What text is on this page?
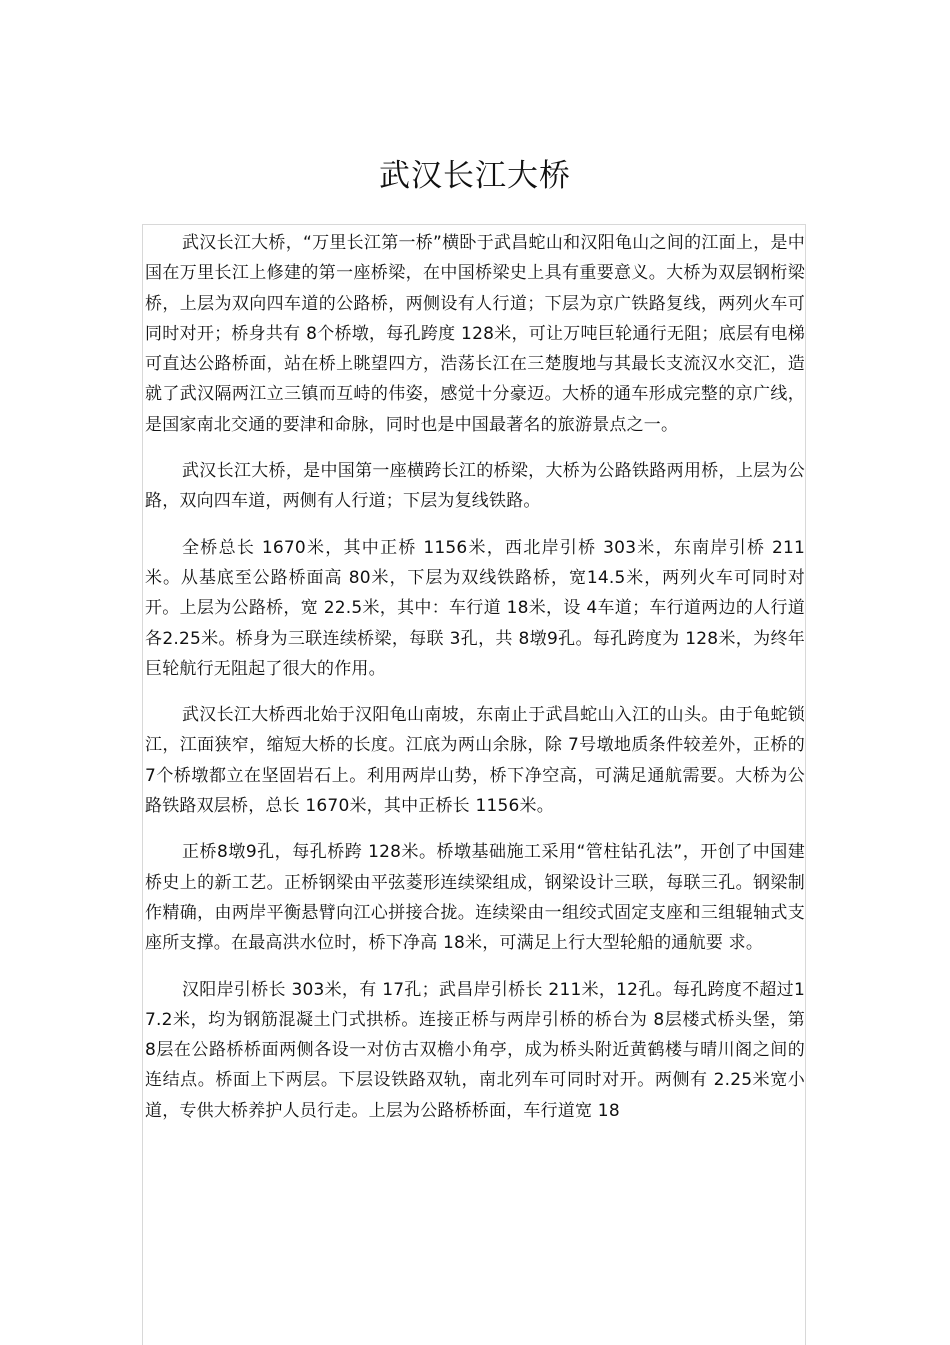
武汉长江大桥

武汉长江大桥，“万里长江第一桥”横卧于武昌蛇山和汉阳龟山之间的江面上，是中国在万里长江上修建的第一座桥梁，在中国桥梁史上具有重要意义。大桥为双层钢桁梁桥，上层为双向四车道的公路桥，两侧设有人行道；下层为京广铁路复线，两列火车可同时对开；桥身共有 8个桥墩，每孔跨度 128米，可让万吨巨轮通行无阻；底层有电梯可直达公路桥面，站在桥上眺望四方，浩荡长江在三楚腹地与其最长支流汉水交汇，造就了武汉隔两江立三镇而互峙的伟姿，感觉十分豪迈。大桥的通车形成完整的京广线，是国家南北交通的要津和命脉，同时也是中国最著名的旅游景点之一。

武汉长江大桥，是中国第一座横跨长江的桥梁，大桥为公路铁路两用桥，上层为公路，双向四车道，两侧有人行道；下层为复线铁路。

全桥总长 1670米，其中正桥 1156米，西北岸引桥 303米，东南岸引桥 211米。从基底至公路桥面高 80米，下层为双线铁路桥，宽14.5米，两列火车可同时对开。上层为公路桥，宽 22.5米，其中：车行道 18米，设 4车道；车行道两边的人行道各2.25米。桥身为三联连续桥梁，每联 3孔，共 8墩9孔。每孔跨度为 128米，为终年巨轮航行无阻起了很大的作用。

武汉长江大桥西北始于汉阳龟山南坡，东南止于武昌蛇山入江的山头。由于龟蛇锁江，江面狭窄，缩短大桥的长度。江底为两山余脉，除 7号墩地质条件较差外，正桥的 7个桥墩都立在坚固岩石上。利用两岸山势，桥下净空高，可满足通航需要。大桥为公路铁路双层桥，总长 1670米，其中正桥长 1156米。

正桥8墩9孔，每孔桥跨 128米。桥墩基础施工采用“管柱钻孔法”，开创了中国建桥史上的新工艺。正桥钢梁由平弦菱形连续梁组成，钢梁设计三联，每联三孔。钢梁制作精确，由两岸平衡悬臂向江心拼接合拢。连续梁由一组绞式固定支座和三组辊轴式支座所支撑。在最高洪水位时，桥下净高 18米，可满足上行大型轮船的通航要 求。

汉阳岸引桥长 303米，有 17孔；武昌岸引桥长 211米，12孔。每孔跨度不超过17.2米，均为钢筋混凝土门式拱桥。连接正桥与两岸引桥的桥台为 8层楼式桥头堡，第 8层在公路桥桥面两侧各设一对仿古双檐小角亭，成为桥头附近黄鹤楼与晴川阁之间的连结点。桥面上下两层。下层设铁路双轨，南北列车可同时对开。两侧有 2.25米宽小道，专供大桥养护人员行走。上层为公路桥桥面，车行道宽 18
